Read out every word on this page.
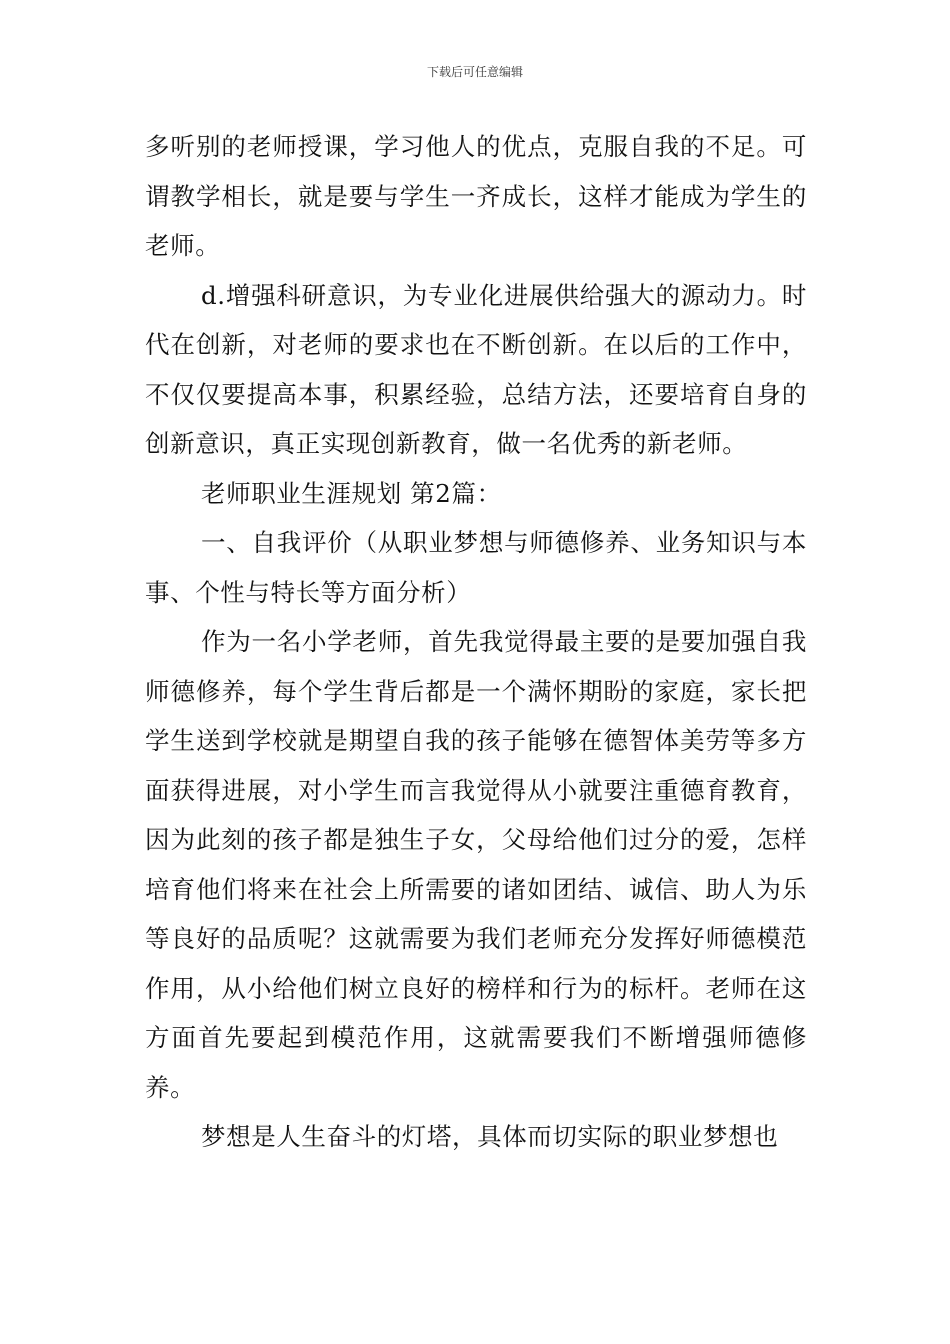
下载后可任意编辑

多听别的老师授课，学习他人的优点，克服自我的不足。可谓教学相长，就是要与学生一齐成长，这样才能成为学生的老师。

d.增强科研意识，为专业化进展供给强大的源动力。时代在创新，对老师的要求也在不断创新。在以后的工作中，不仅仅要提高本事，积累经验，总结方法，还要培育自身的创新意识，真正实现创新教育，做一名优秀的新老师。

老师职业生涯规划 第2篇：

一、自我评价（从职业梦想与师德修养、业务知识与本事、个性与特长等方面分析）

作为一名小学老师，首先我觉得最主要的是要加强自我师德修养，每个学生背后都是一个满怀期盼的家庭，家长把学生送到学校就是期望自我的孩子能够在德智体美劳等多方面获得进展，对小学生而言我觉得从小就要注重德育教育，因为此刻的孩子都是独生子女，父母给他们过分的爱，怎样培育他们将来在社会上所需要的诸如团结、诚信、助人为乐等良好的品质呢？这就需要为我们老师充分发挥好师德模范作用，从小给他们树立良好的榜样和行为的标杆。老师在这方面首先要起到模范作用，这就需要我们不断增强师德修养。

梦想是人生奋斗的灯塔，具体而切实际的职业梦想也
